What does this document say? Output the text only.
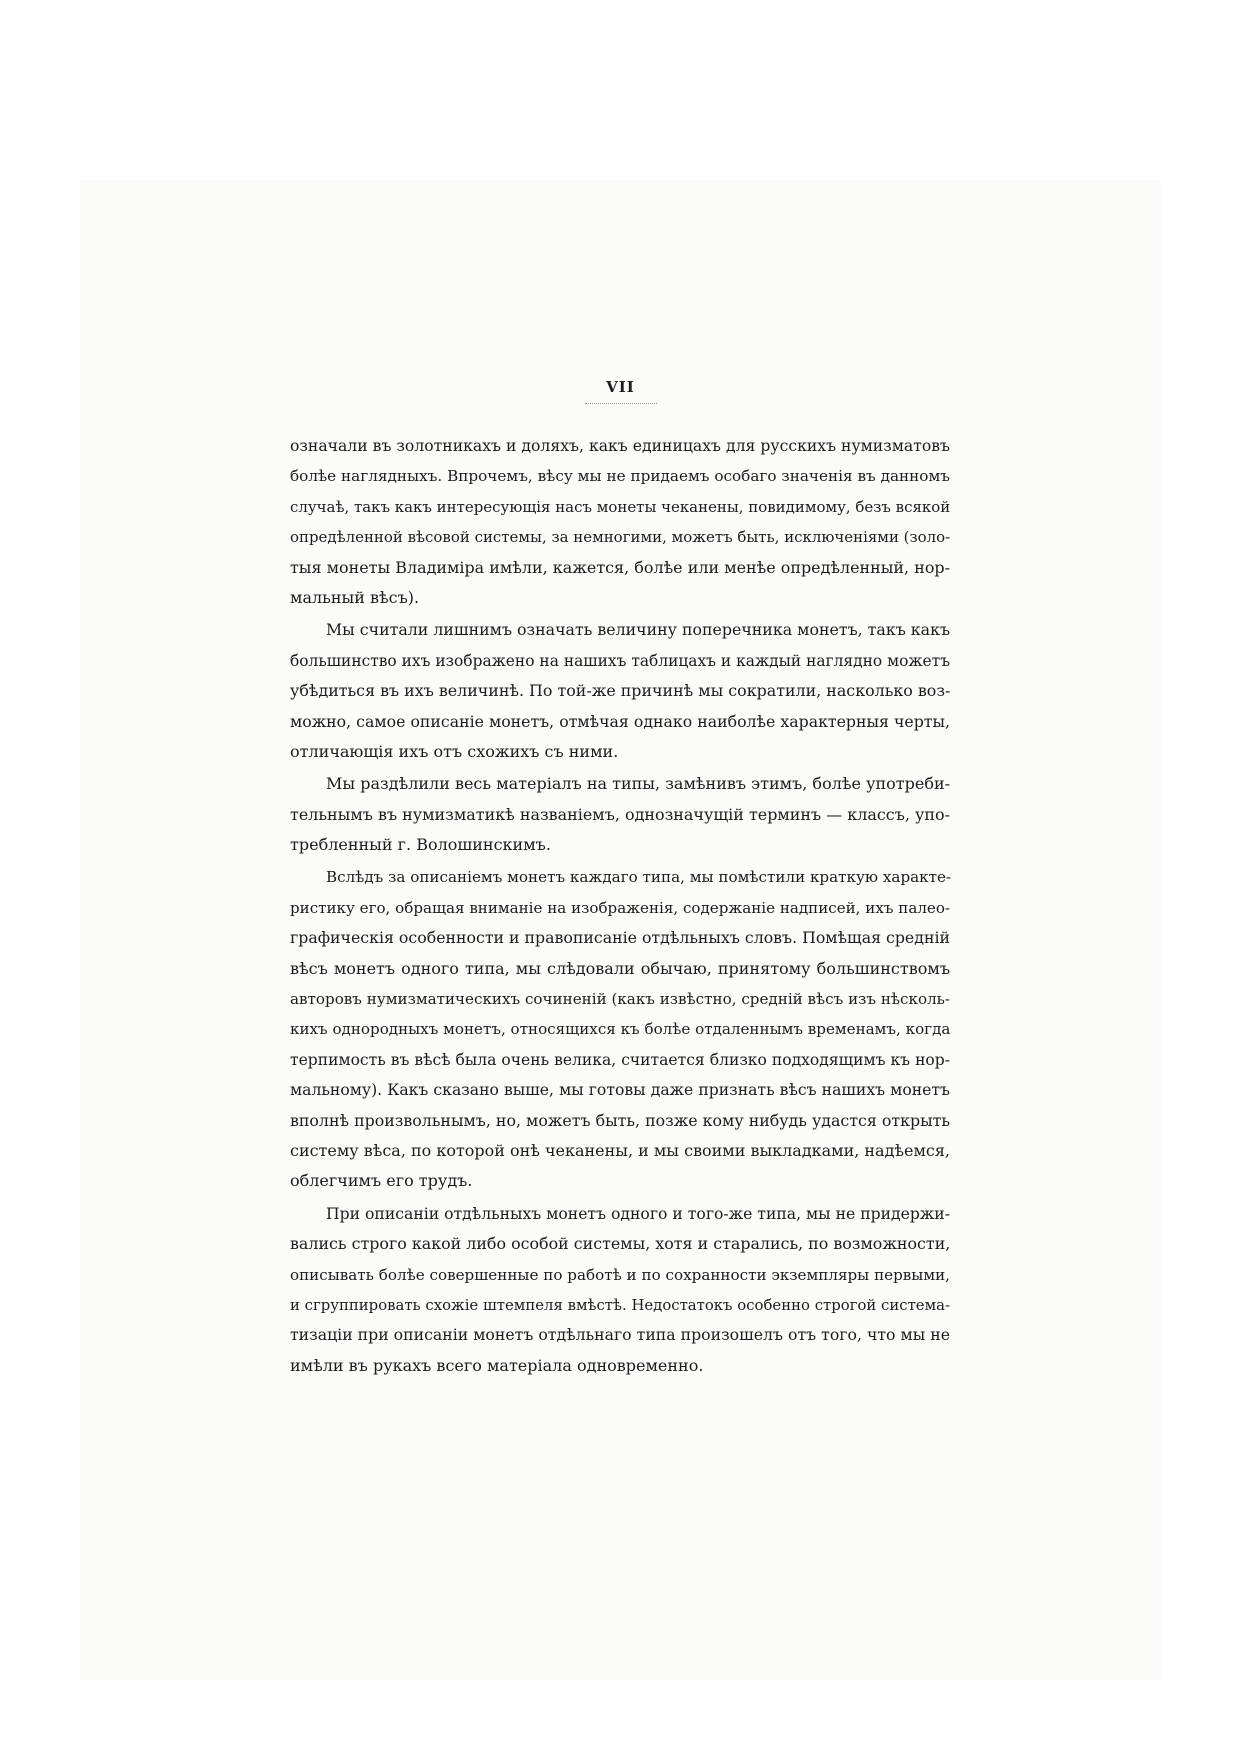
VII
означали въ золотникахъ и доляхъ, какъ единицахъ для русскихъ нумизматовъ
болѣе наглядныхъ. Впрочемъ, вѣсу мы не придаемъ особаго значенія въ данномъ
случаѣ, такъ какъ интересующія насъ монеты чеканены, повидимому, безъ всякой
опредѣленной вѣсовой системы, за немногими, можетъ быть, исключеніями (золо-
тыя монеты Владиміра имѣли, кажется, болѣе или менѣе опредѣленный, нор-
мальный вѣсъ).
Мы считали лишнимъ означать величину поперечника монетъ, такъ какъ
большинство ихъ изображено на нашихъ таблицахъ и каждый наглядно можетъ
убѣдиться въ ихъ величинѣ. По той-же причинѣ мы сократили, насколько воз-
можно, самое описаніе монетъ, отмѣчая однако наиболѣе характерныя черты,
отличающія ихъ отъ схожихъ съ ними.
Мы раздѣлили весь матеріалъ на типы, замѣнивъ этимъ, болѣе употреби-
тельнымъ въ нумизматикѣ названіемъ, однозначущій терминъ — классъ, упо-
требленный г. Волошинскимъ.
Вслѣдъ за описаніемъ монетъ каждаго типа, мы помѣстили краткую характе-
ристику его, обращая вниманіе на изображенія, содержаніе надписей, ихъ палео-
графическія особенности и правописаніе отдѣльныхъ словъ. Помѣщая средній
вѣсъ монетъ одного типа, мы слѣдовали обычаю, принятому большинствомъ
авторовъ нумизматическихъ сочиненій (какъ извѣстно, средній вѣсъ изъ нѣсколь-
кихъ однородныхъ монетъ, относящихся къ болѣе отдаленнымъ временамъ, когда
терпимость въ вѣсѣ была очень велика, считается близко подходящимъ къ нор-
мальному). Какъ сказано выше, мы готовы даже признать вѣсъ нашихъ монетъ
вполнѣ произвольнымъ, но, можетъ быть, позже кому нибудь удастся открыть
систему вѣса, по которой онѣ чеканены, и мы своими выкладками, надѣемся,
облегчимъ его трудъ.
При описаніи отдѣльныхъ монетъ одного и того-же типа, мы не придержи-
вались строго какой либо особой системы, хотя и старались, по возможности,
описывать болѣе совершенные по работѣ и по сохранности экземпляры первыми,
и сгруппировать схожіе штемпеля вмѣстѣ. Недостатокъ особенно строгой система-
тизаціи при описаніи монетъ отдѣльнаго типа произошелъ отъ того, что мы не
имѣли въ рукахъ всего матеріала одновременно.
